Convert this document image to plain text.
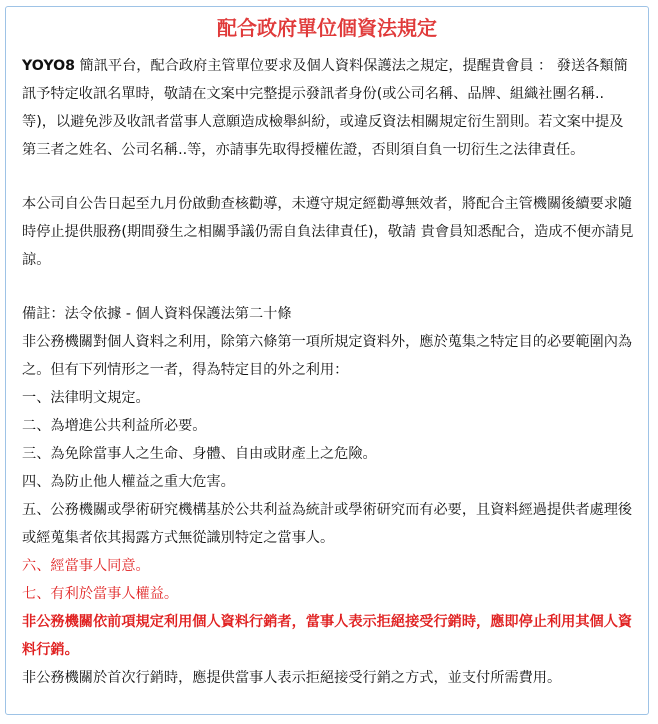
配合政府單位個資法規定

YOYO8 簡訊平台，配合政府主管單位要求及個人資料保護法之規定，提醒貴會員 ： 發送各類簡訊予特定收訊名單時，敬請在文案中完整提示發訊者身份(或公司名稱、品牌、組織社團名稱..等)，以避免涉及收訊者當事人意願造成檢舉糾紛，或違反資法相關規定衍生罰則。若文案中提及第三者之姓名、公司名稱..等，亦請事先取得授權佐證，否則須自負一切衍生之法律責任。

本公司自公告日起至九月份啟動查核勸導，未遵守規定經勸導無效者，將配合主管機關後續要求隨時停止提供服務(期間發生之相關爭議仍需自負法律責任)，敬請 貴會員知悉配合，造成不便亦請見諒。

備註：法令依據 - 個人資料保護法第二十條

非公務機關對個人資料之利用，除第六條第一項所規定資料外，應於蒐集之特定目的必要範圍內為之。但有下列情形之一者，得為特定目的外之利用：

一、法律明文規定。

二、為增進公共利益所必要。

三、為免除當事人之生命、身體、自由或財產上之危險。

四、為防止他人權益之重大危害。

五、公務機關或學術研究機構基於公共利益為統計或學術研究而有必要，且資料經過提供者處理後或經蒐集者依其揭露方式無從識別特定之當事人。

六、經當事人同意。

七、有利於當事人權益。

非公務機關依前項規定利用個人資料行銷者，當事人表示拒絕接受行銷時，應即停止利用其個人資料行銷。

非公務機關於首次行銷時，應提供當事人表示拒絕接受行銷之方式，並支付所需費用。
